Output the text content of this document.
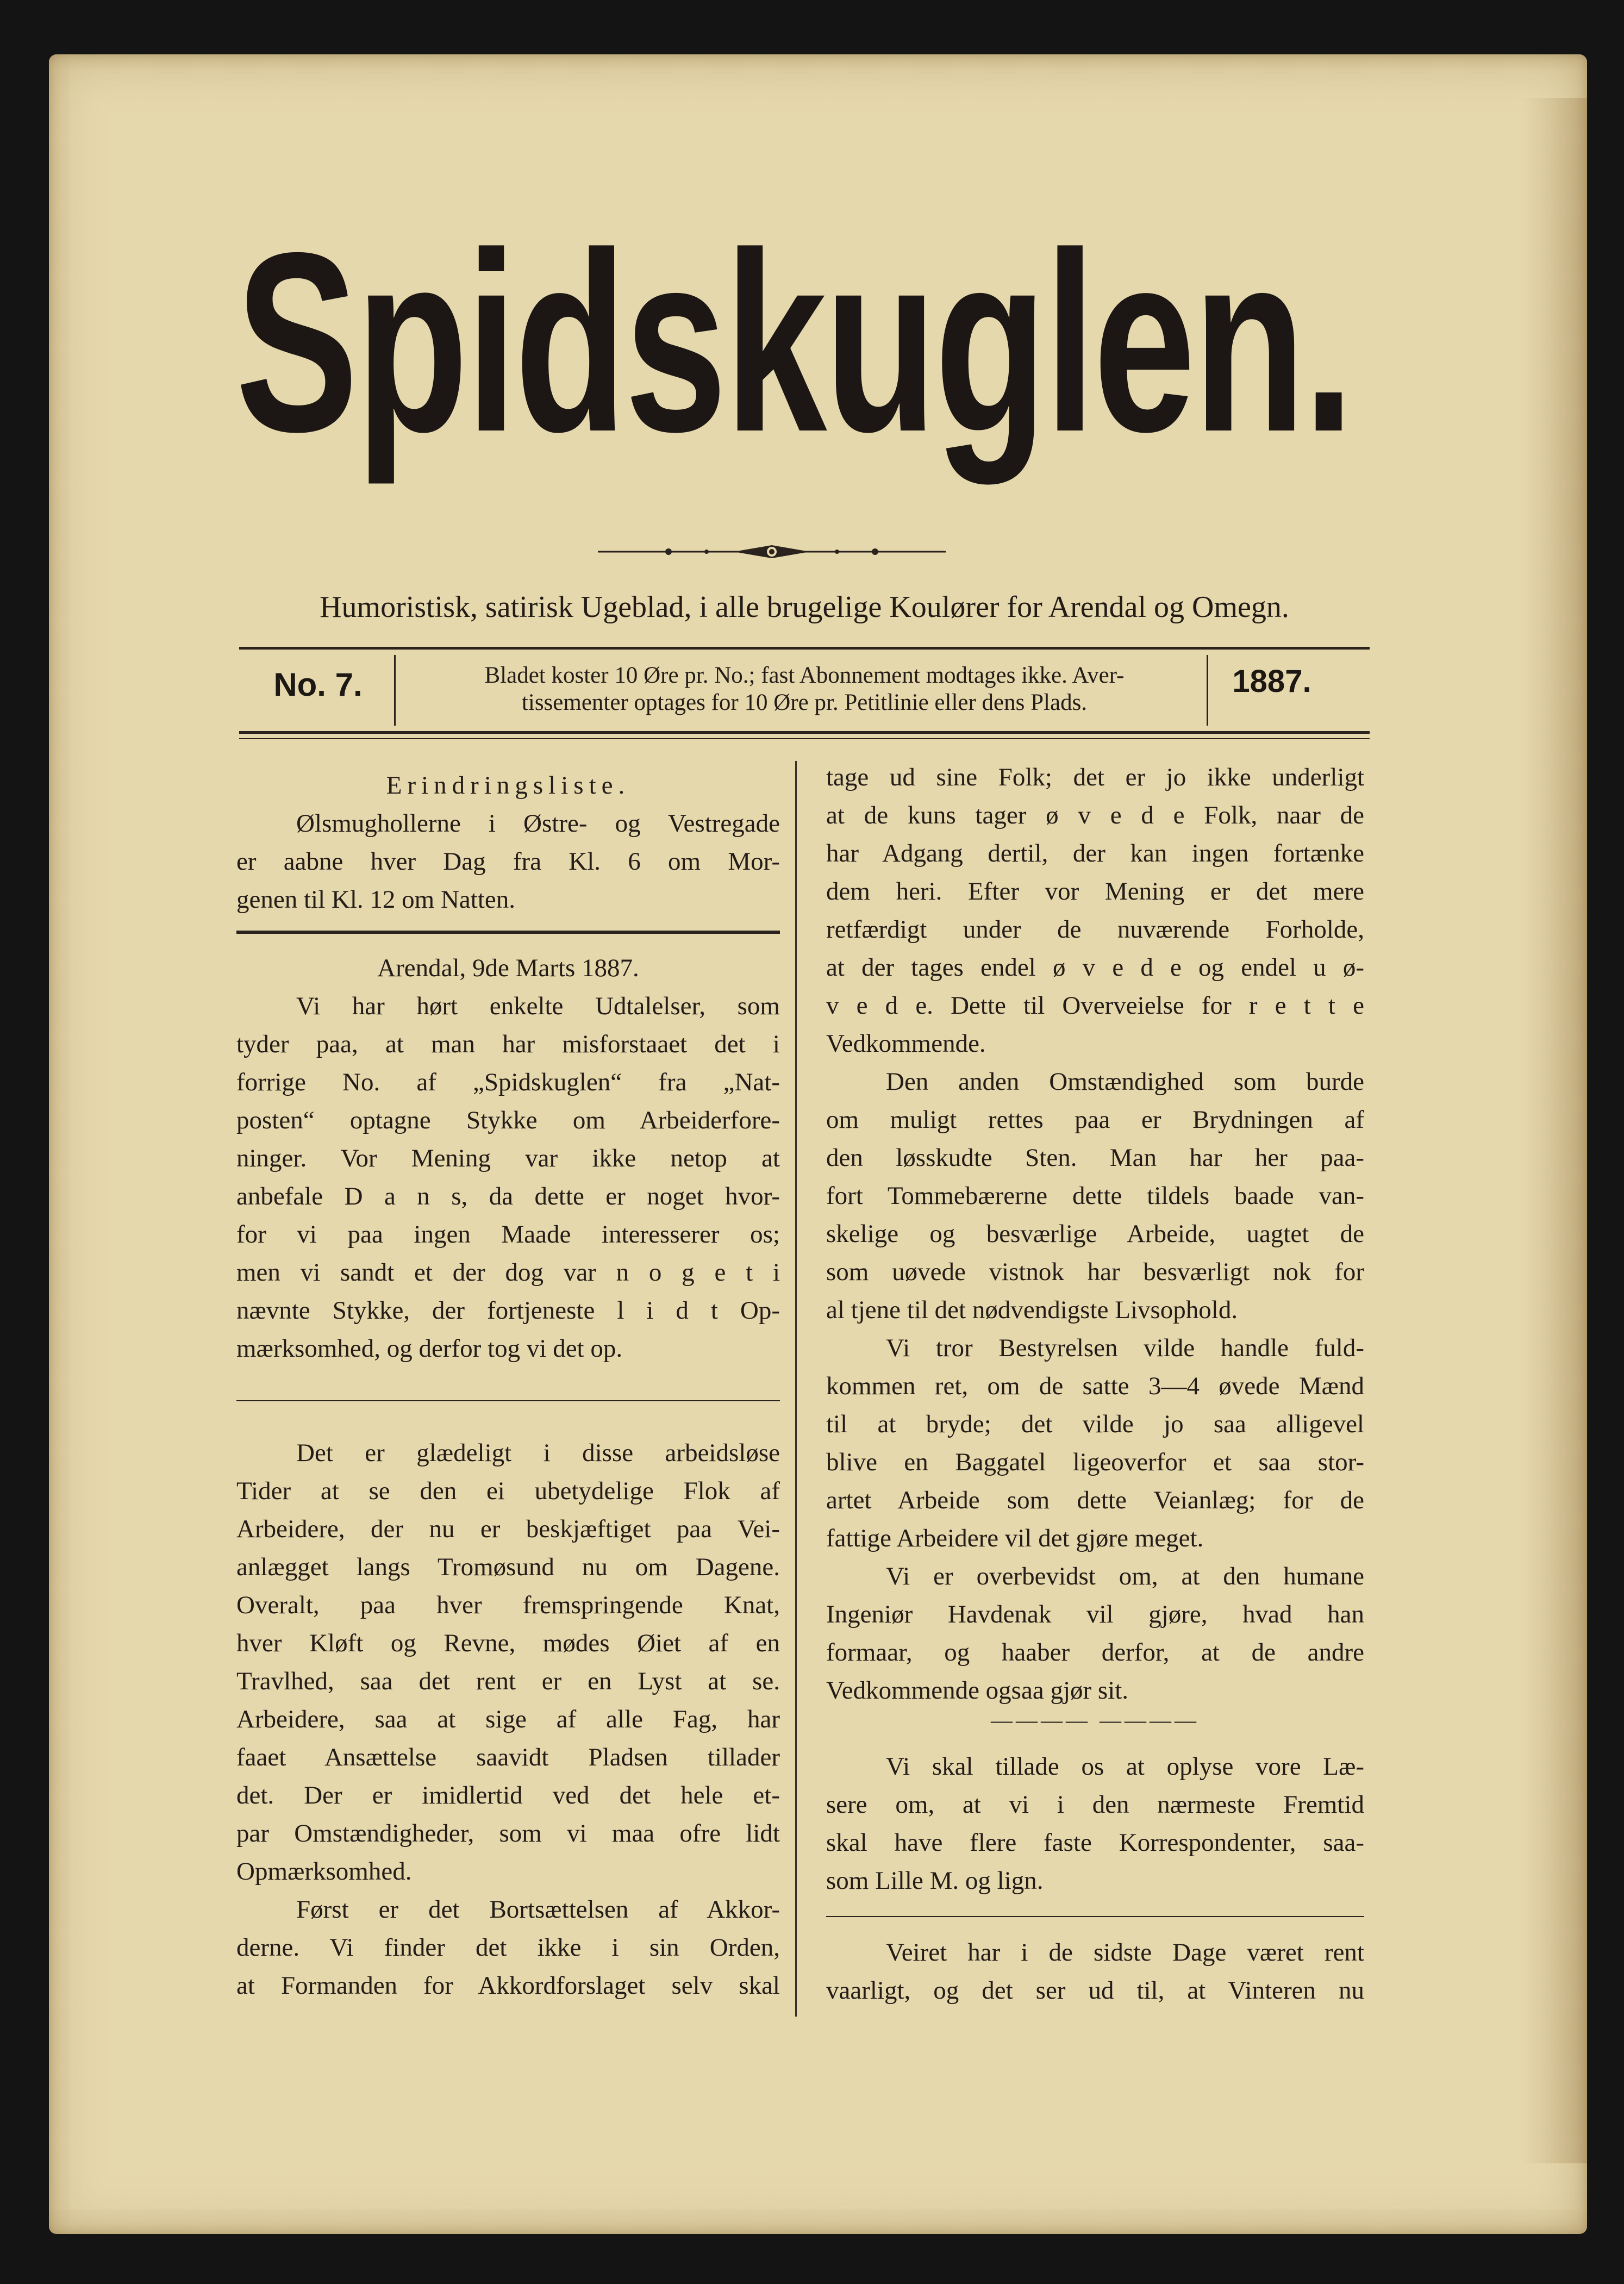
Spidskuglen.
Humoristisk, satirisk Ugeblad, i alle brugelige Koulører for Arendal og Omegn.
No. 7.	Bladet koster 10 Øre pr. No.; fast Abonnement modtages ikke. Aver-
tissementer optages for 10 Øre pr. Petitlinie eller dens Plads.
1887.
Erindringsliste.
Ølsmughollerne i Østre- og Vestregade
er aabne hver Dag fra Kl. 6 om Mor-
genen til Kl. 12 om Natten.
Arendal, 9de Marts 1887.
Vi har hørt enkelte Udtalelser, som
tyder paa, at man har misforstaaet det i
forrige No. af „Spidskuglen“ fra „Nat-
posten“ optagne Stykke om Arbeiderfore-
ninger. Vor Mening var ikke netop at
anbefale D a n s, da dette er noget hvor-
for vi paa ingen Maade interesserer os;
men vi sandt et der dog var n o g e t i
nævnte Stykke, der fortjeneste l i d t Op-
mærksomhed, og derfor tog vi det op.
Det er glædeligt i disse arbeidsløse
Tider at se den ei ubetydelige Flok af
Arbeidere, der nu er beskjæftiget paa Vei-
anlægget langs Tromøsund nu om Dagene.
Overalt, paa hver fremspringende Knat,
hver Kløft og Revne, mødes Øiet af en
Travlhed, saa det rent er en Lyst at se.
Arbeidere, saa at sige af alle Fag, har
faaet Ansættelse saavidt Pladsen tillader
det. Der er imidlertid ved det hele et-
par Omstændigheder, som vi maa ofre lidt
Opmærksomhed.
Først er det Bortsættelsen af Akkor-
derne. Vi finder det ikke i sin Orden,
at Formanden for Akkordforslaget selv skal
tage ud sine Folk; det er jo ikke underligt
at de kuns tager ø v e d e Folk, naar de
har Adgang dertil, der kan ingen fortænke
dem heri. Efter vor Mening er det mere
retfærdigt under de nuværende Forholde,
at der tages endel ø v e d e og endel u ø-
v e d e. Dette til Overveielse for r e t t e
Vedkommende.
Den anden Omstændighed som burde
om muligt rettes paa er Brydningen af
den løsskudte Sten. Man har her paa-
fort Tommebærerne dette tildels baade van-
skelige og besværlige Arbeide, uagtet de
som uøvede vistnok har besværligt nok for
al tjene til det nødvendigste Livsophold.
Vi tror Bestyrelsen vilde handle fuld-
kommen ret, om de satte 3—4 øvede Mænd
til at bryde; det vilde jo saa alligevel
blive en Baggatel ligeoverfor et saa stor-
artet Arbeide som dette Veianlæg; for de
fattige Arbeidere vil det gjøre meget.
Vi er overbevidst om, at den humane
Ingeniør Havdenak vil gjøre, hvad han
formaar, og haaber derfor, at de andre
Vedkommende ogsaa gjør sit.
———— ————
Vi skal tillade os at oplyse vore Læ-
sere om, at vi i den nærmeste Fremtid
skal have flere faste Korrespondenter, saa-
som Lille M. og lign.
Veiret har i de sidste Dage været rent
vaarligt, og det ser ud til, at Vinteren nu
